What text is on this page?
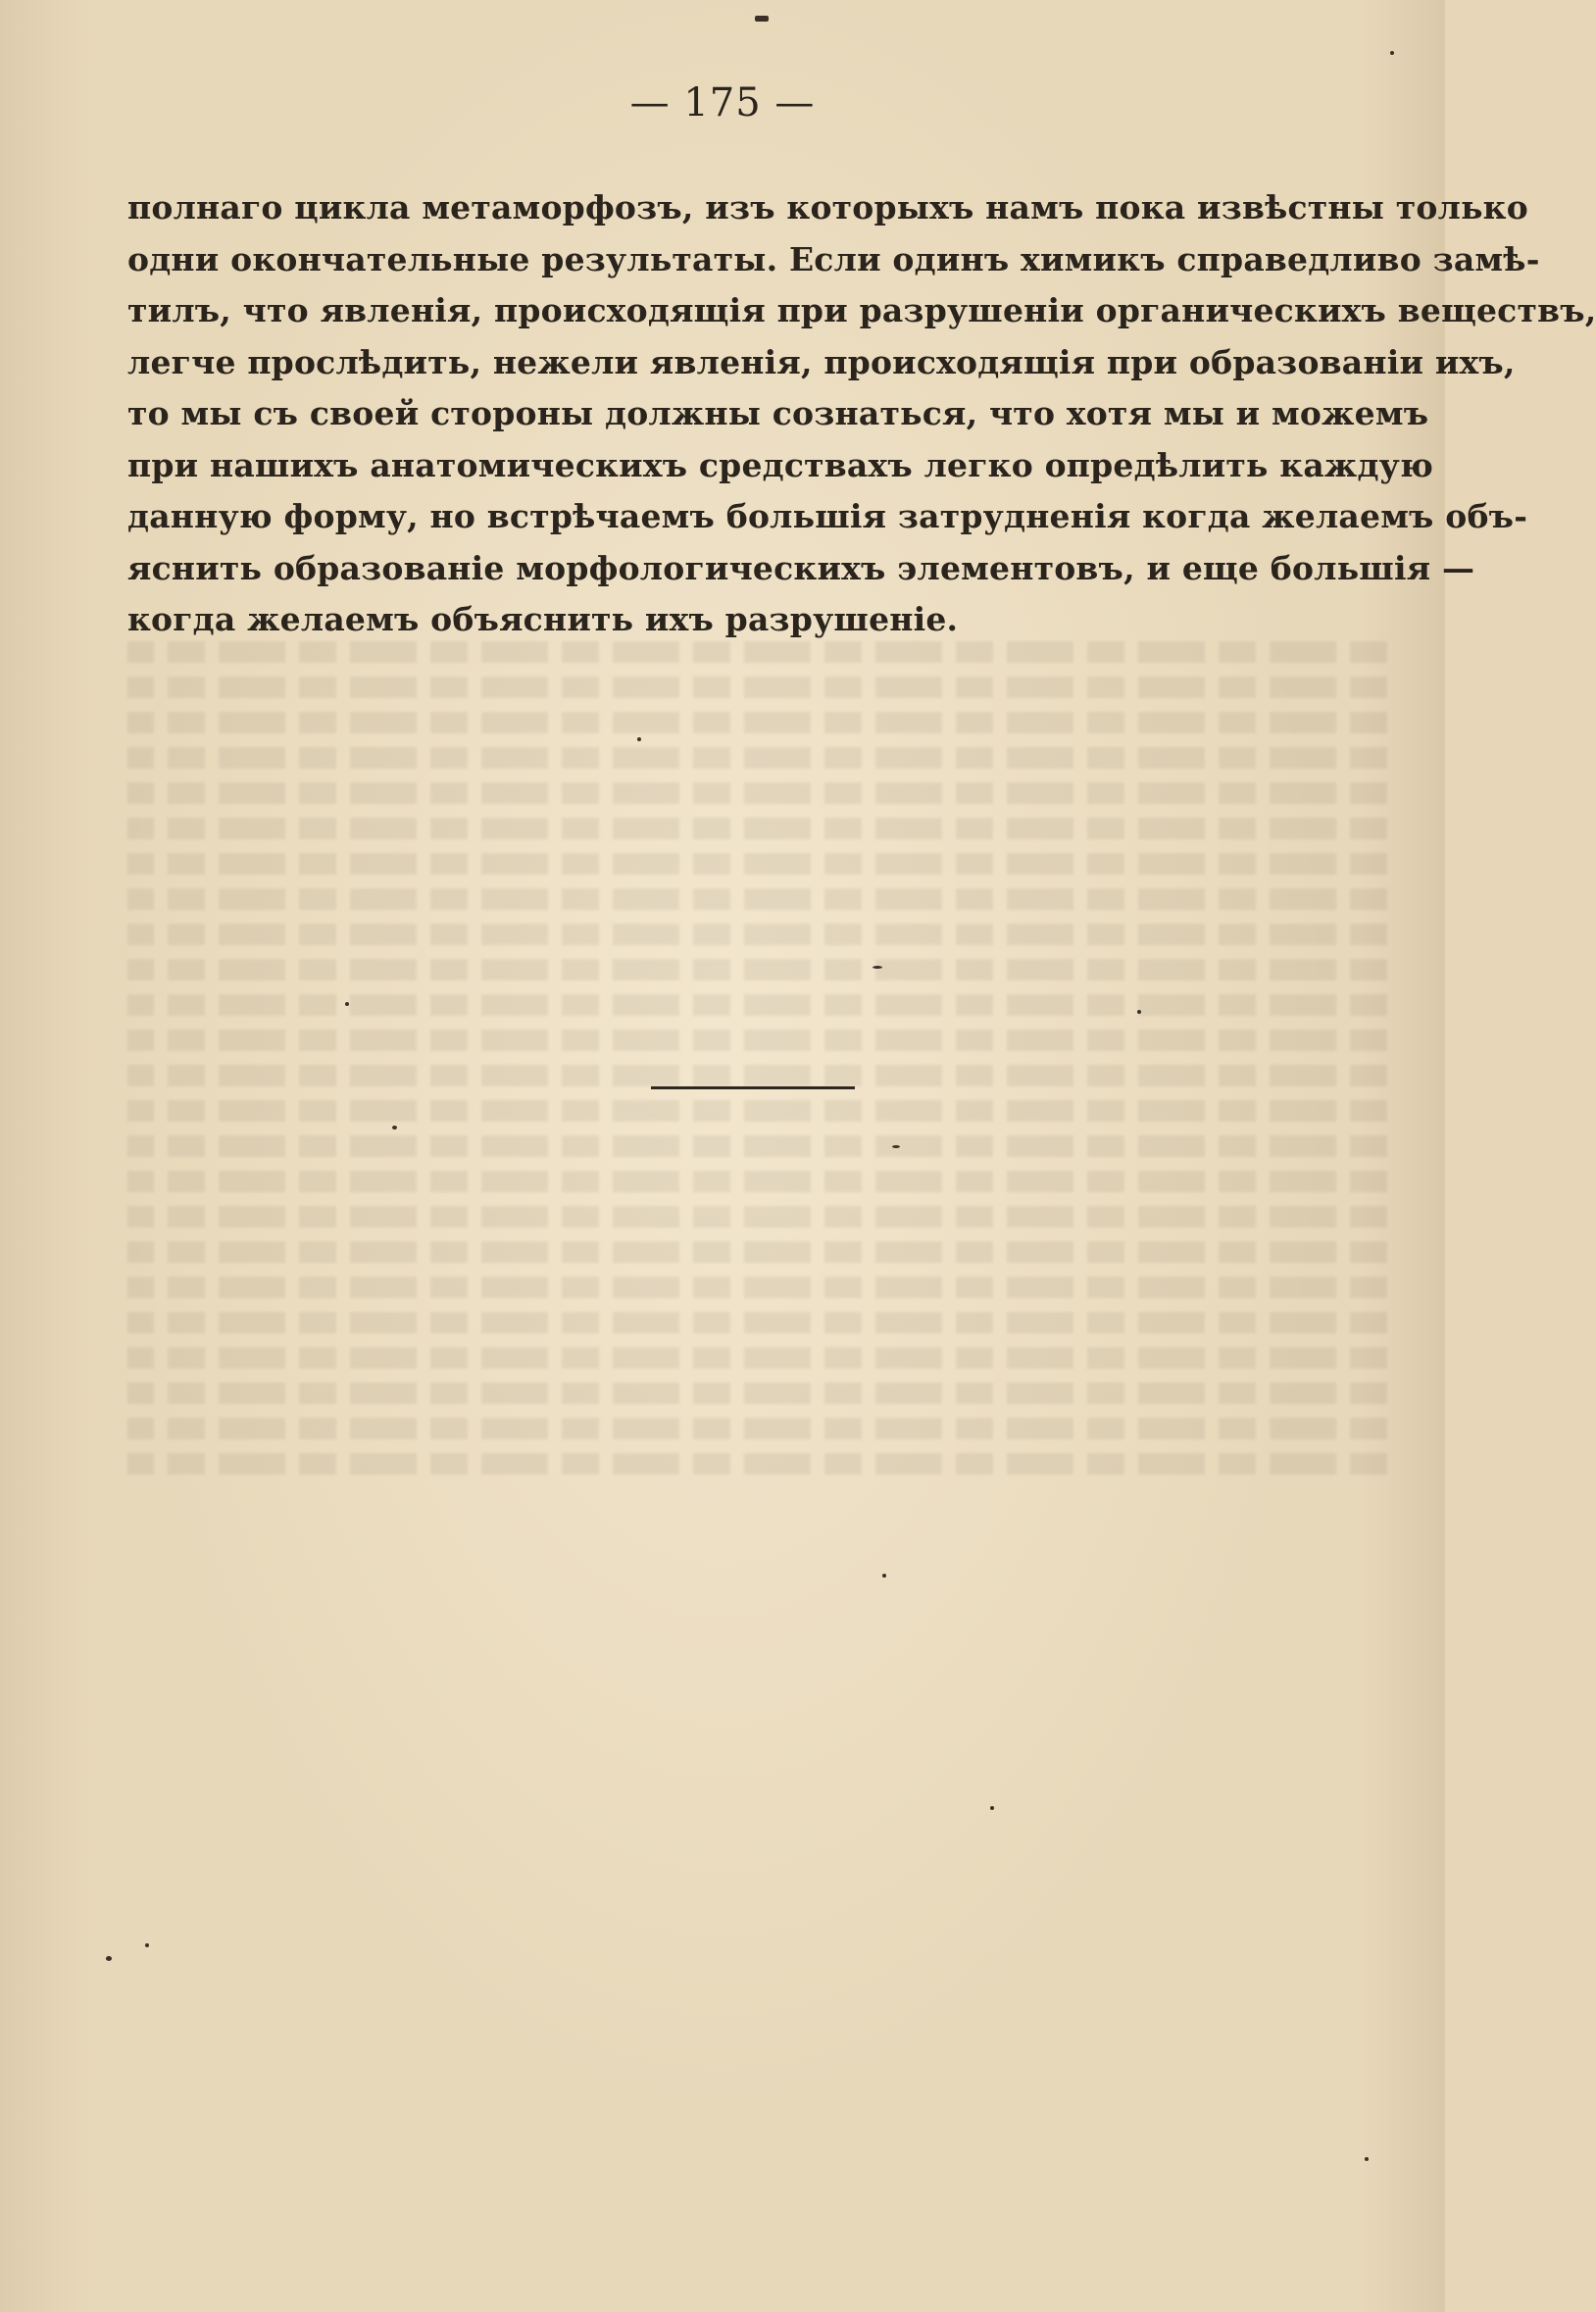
— 175 —
полнаго цикла метаморфозъ, изъ которыхъ намъ пока извѣстны только
одни окончательные результаты. Если одинъ химикъ справедливо замѣ-
тилъ, что явленія, происходящія при разрушеніи органическихъ веществъ,
легче прослѣдить, нежели явленія, происходящія при образованіи ихъ,
то мы съ своей стороны должны сознаться, что хотя мы и можемъ
при нашихъ анатомическихъ средствахъ легко опредѣлить каждую
данную форму, но встрѣчаемъ большія затрудненія когда желаемъ объ-
яснить образованіе морфологическихъ элементовъ, и еще большія —
когда желаемъ объяснить ихъ разрушеніе.
